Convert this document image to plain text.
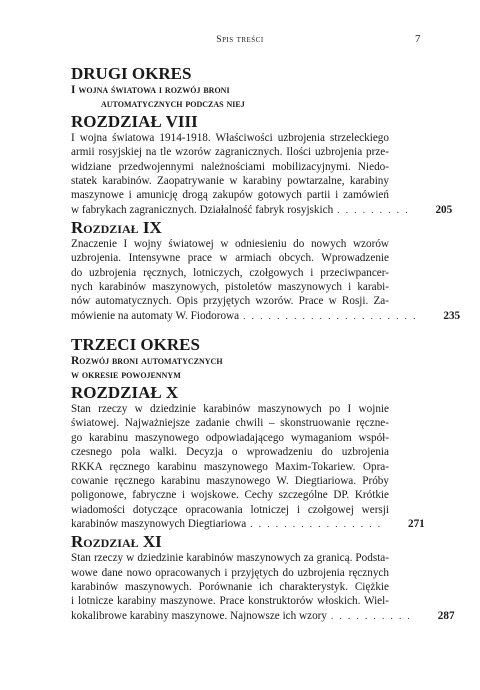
Spis treści	7
DRUGI OKRES
I wojna światowa i rozwój broni
automatycznych podczas niej
ROZDZIAŁ VIII
I wojna światowa 1914-1918. Właściwości uzbrojenia strzeleckiego
armii rosyjskiej na tle wzorów zagranicznych. Ilości uzbrojenia prze-
widziane przedwojennymi należnościami mobilizacyjnymi. Niedo-
statek karabinów. Zaopatrywanie w karabiny powtarzalne, karabiny
maszynowe i amunicję drogą zakupów gotowych partii i zamówień
w fabrykach zagranicznych. Działalność fabryk rosyjskich . . . . . . . . . 205
Rozdział IX
Znaczenie I wojny światowej w odniesieniu do nowych wzorów
uzbrojenia. Intensywne prace w armiach obcych. Wprowadzenie
do uzbrojenia ręcznych, lotniczych, czołgowych i przeciwpancer-
nych karabinów maszynowych, pistoletów maszynowych i karabi-
nów automatycznych. Opis przyjętych wzorów. Prace w Rosji. Za-
mówienie na automaty W. Fiodorowa . . . . . . . . . . . . . . . . . . . . . 235
TRZECI OKRES
Rozwój broni automatycznych
w okresie powojennym
ROZDZIAŁ X
Stan rzeczy w dziedzinie karabinów maszynowych po I wojnie
światowej. Najważniejsze zadanie chwili – skonstruowanie ręczne-
go karabinu maszynowego odpowiadającego wymaganiom współ-
czesnego pola walki. Decyzja o wprowadzeniu do uzbrojenia
RKKA ręcznego karabinu maszynowego Maxim-Tokariew. Opra-
cowanie ręcznego karabinu maszynowego W. Diegtiariowa. Próby
poligonowe, fabryczne i wojskowe. Cechy szczególne DP. Krótkie
wiadomości dotyczące opracowania lotniczej i czołgowej wersji
karabinów maszynowych Diegtiariowa . . . . . . . . . . . . . . . . 271
Rozdział XI
Stan rzeczy w dziedzinie karabinów maszynowych za granicą. Podsta-
wowe dane nowo opracowanych i przyjętych do uzbrojenia ręcznych
karabinów maszynowych. Porównanie ich charakterystyk. Ciężkie
i lotnicze karabiny maszynowe. Prace konstruktorów włoskich. Wiel-
kokalibrowe karabiny maszynowe. Najnowsze ich wzory . . . . . . . . . . 287
